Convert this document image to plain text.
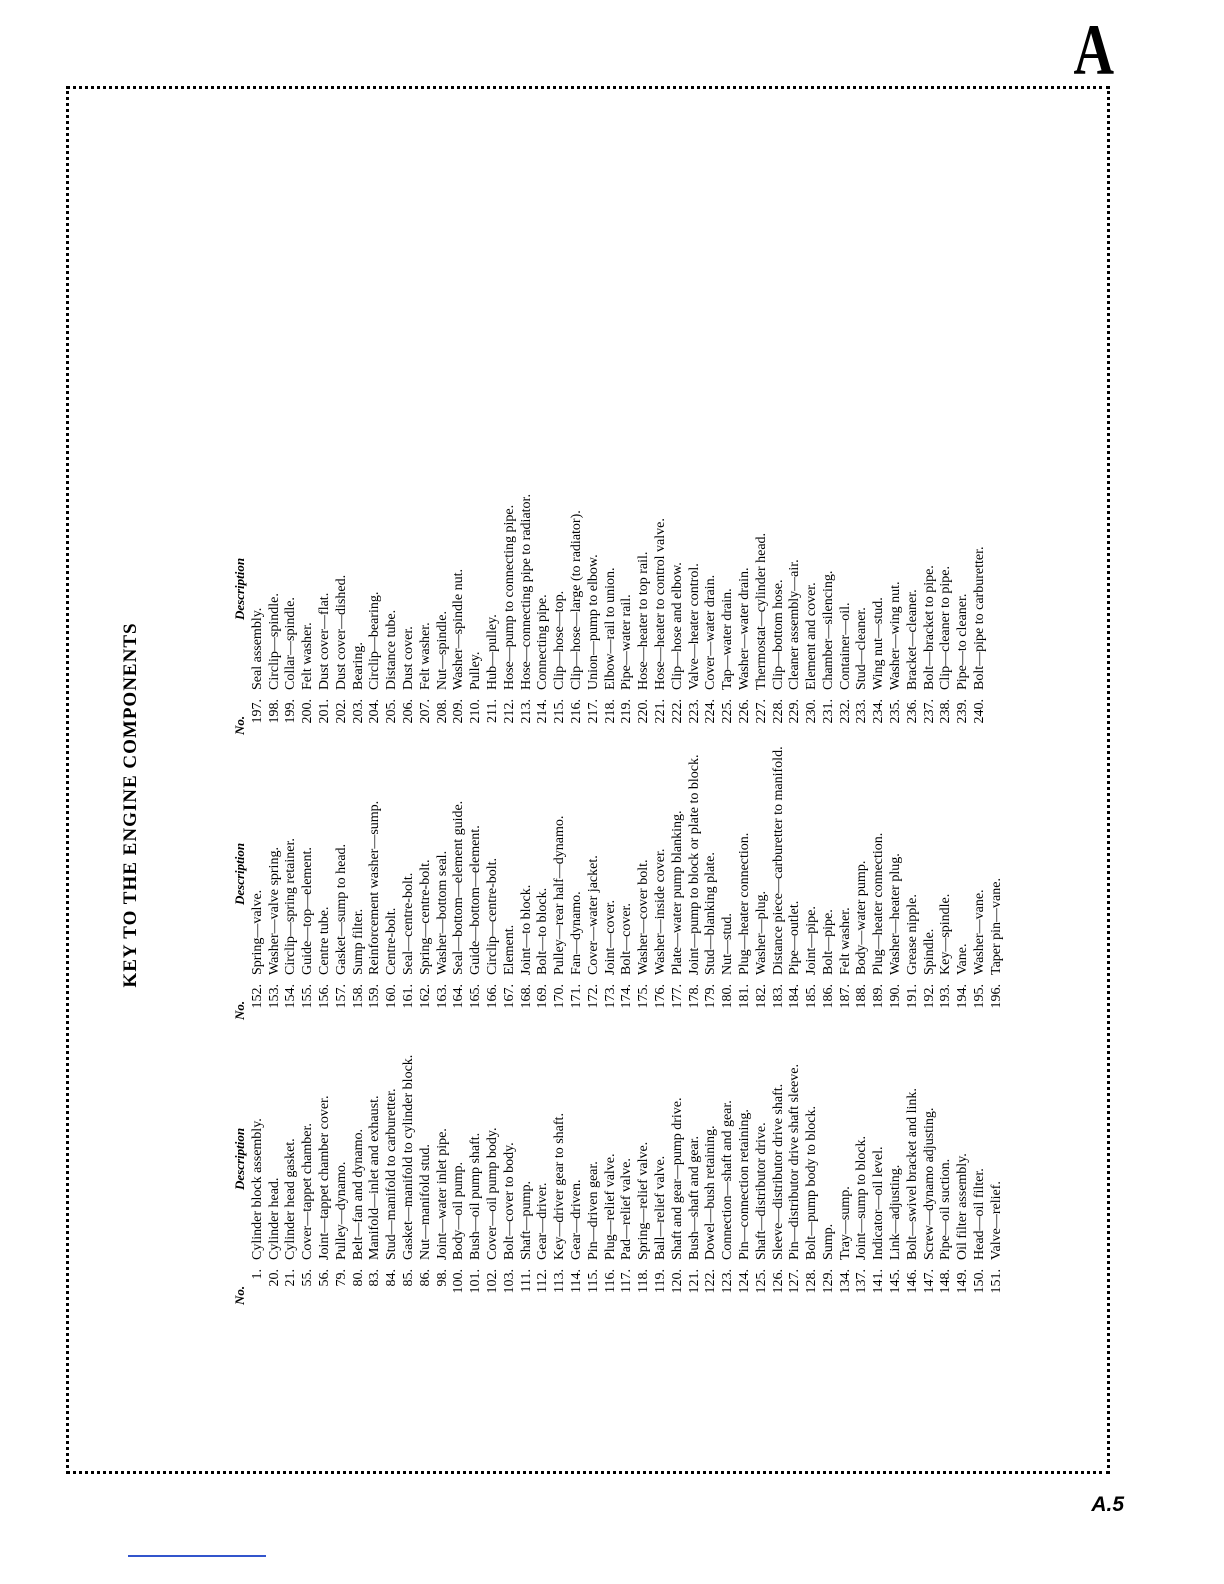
A
KEY TO THE ENGINE COMPONENTS
No.
Description
1.
Cylinder block assembly.
20.
Cylinder head.
21.
Cylinder head gasket.
55.
Cover—tappet chamber.
56.
Joint—tappet chamber cover.
79.
Pulley—dynamo.
80.
Belt—fan and dynamo.
83.
Manifold—inlet and exhaust.
84.
Stud—manifold to carburetter.
85.
Gasket—manifold to cylinder block.
86.
Nut—manifold stud.
98.
Joint—water inlet pipe.
100.
Body—oil pump.
101.
Bush—oil pump shaft.
102.
Cover—oil pump body.
103.
Bolt—cover to body.
111.
Shaft—pump.
112.
Gear—driver.
113.
Key—driver gear to shaft.
114.
Gear—driven.
115.
Pin—driven gear.
116.
Plug—relief valve.
117.
Pad—relief valve.
118.
Spring—relief valve.
119.
Ball—relief valve.
120.
Shaft and gear—pump drive.
121.
Bush—shaft and gear.
122.
Dowel—bush retaining.
123.
Connection—shaft and gear.
124.
Pin—connection retaining.
125.
Shaft—distributor drive.
126.
Sleeve—distributor drive shaft.
127.
Pin—distributor drive shaft sleeve.
128.
Bolt—pump body to block.
129.
Sump.
134.
Tray—sump.
137.
Joint—sump to block.
141.
Indicator—oil level.
145.
Link—adjusting.
146.
Bolt—swivel bracket and link.
147.
Screw—dynamo adjusting.
148.
Pipe—oil suction.
149.
Oil filter assembly.
150.
Head—oil filter.
151.
Valve—relief.
No.
Description
152.
Spring—valve.
153.
Washer—valve spring.
154.
Circlip—spring retainer.
155.
Guide—top—element.
156.
Centre tube.
157.
Gasket—sump to head.
158.
Sump filter.
159.
Reinforcement washer—sump.
160.
Centre-bolt.
161.
Seal—centre-bolt.
162.
Spring—centre-bolt.
163.
Washer—bottom seal.
164.
Seal—bottom—element guide.
165.
Guide—bottom—element.
166.
Circlip—centre-bolt.
167.
Element.
168.
Joint—to block.
169.
Bolt—to block.
170.
Pulley—rear half—dynamo.
171.
Fan—dynamo.
172.
Cover—water jacket.
173.
Joint—cover.
174.
Bolt—cover.
175.
Washer—cover bolt.
176.
Washer—inside cover.
177.
Plate—water pump blanking.
178.
Joint—pump to block or plate to block.
179.
Stud—blanking plate.
180.
Nut—stud.
181.
Plug—heater connection.
182.
Washer—plug.
183.
Distance piece—carburetter to manifold.
184.
Pipe—outlet.
185.
Joint—pipe.
186.
Bolt—pipe.
187.
Felt washer.
188.
Body—water pump.
189.
Plug—heater connection.
190.
Washer—heater plug.
191.
Grease nipple.
192.
Spindle.
193.
Key—spindle.
194.
Vane.
195.
Washer—vane.
196.
Taper pin—vane.
No.
Description
197.
Seal assembly.
198.
Circlip—spindle.
199.
Collar—spindle.
200.
Felt washer.
201.
Dust cover—flat.
202.
Dust cover—dished.
203.
Bearing.
204.
Circlip—bearing.
205.
Distance tube.
206.
Dust cover.
207.
Felt washer.
208.
Nut—spindle.
209.
Washer—spindle nut.
210.
Pulley.
211.
Hub—pulley.
212.
Hose—pump to connecting pipe.
213.
Hose—connecting pipe to radiator.
214.
Connecting pipe.
215.
Clip—hose—top.
216.
Clip—hose—large (to radiator).
217.
Union—pump to elbow.
218.
Elbow—rail to union.
219.
Pipe—water rail.
220.
Hose—heater to top rail.
221.
Hose—heater to control valve.
222.
Clip—hose and elbow.
223.
Valve—heater control.
224.
Cover—water drain.
225.
Tap—water drain.
226.
Washer—water drain.
227.
Thermostat—cylinder head.
228.
Clip—bottom hose.
229.
Cleaner assembly—air.
230.
Element and cover.
231.
Chamber—silencing.
232.
Container—oil.
233.
Stud—cleaner.
234.
Wing nut—stud.
235.
Washer—wing nut.
236.
Bracket—cleaner.
237.
Bolt—bracket to pipe.
238.
Clip—cleaner to pipe.
239.
Pipe—to cleaner.
240.
Bolt—pipe to carburetter.
A.5
